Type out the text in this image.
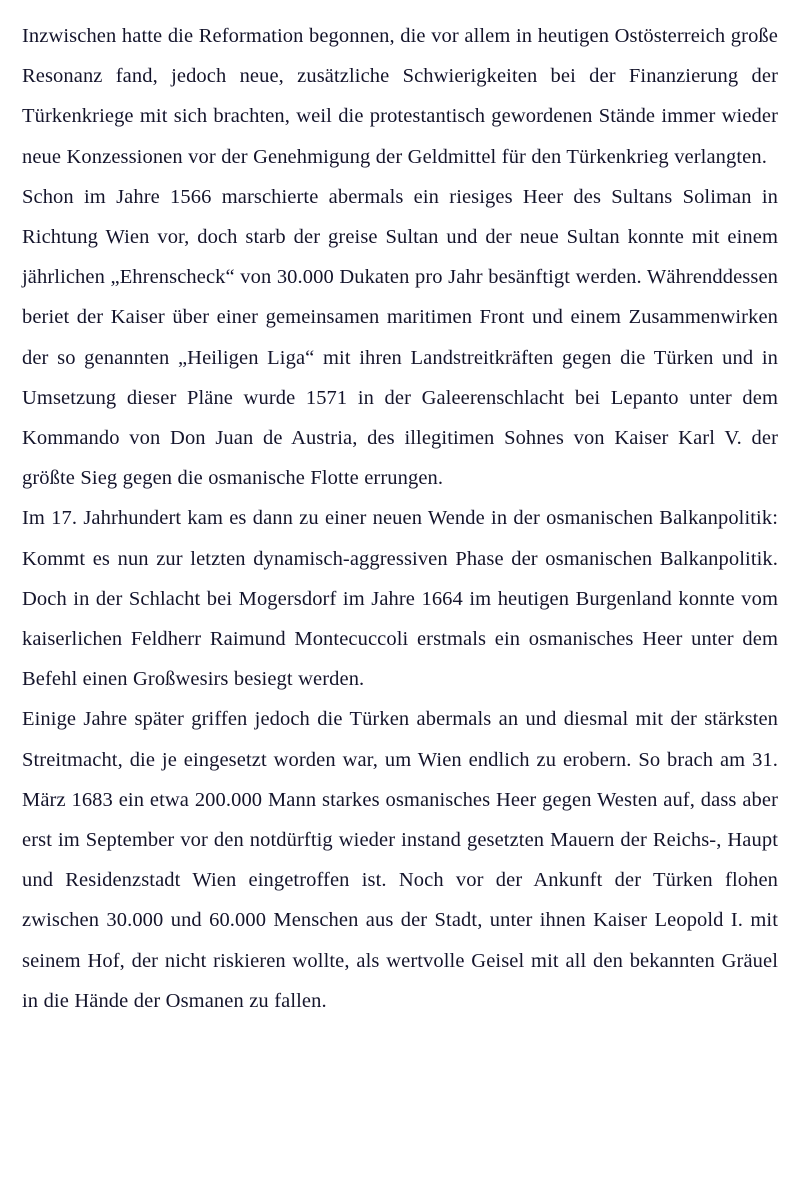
Inzwischen hatte die Reformation begonnen, die vor allem in heutigen Ostösterreich große Resonanz fand, jedoch neue, zusätzliche Schwierigkeiten bei der Finanzierung der Türkenkriege mit sich brachten, weil die protestantisch gewordenen Stände immer wieder neue Konzessionen vor der Genehmigung der Geldmittel für den Türkenkrieg verlangten.

Schon im Jahre 1566 marschierte abermals ein riesiges Heer des Sultans Soliman in Richtung Wien vor, doch starb der greise Sultan und der neue Sultan konnte mit einem jährlichen „Ehrenscheck“ von 30.000 Dukaten pro Jahr besänftigt werden. Währenddessen beriet der Kaiser über einer gemeinsamen maritimen Front und einem Zusammenwirken der so genannten „Heiligen Liga“ mit ihren Landstreitkräften gegen die Türken und in Umsetzung dieser Pläne wurde 1571 in der Galeerenschlacht bei Lepanto unter dem Kommando von Don Juan de Austria, des illegitimen Sohnes von Kaiser Karl V. der größte Sieg gegen die osmanische Flotte errungen.

Im 17. Jahrhundert kam es dann zu einer neuen Wende in der osmanischen Balkanpolitik: Kommt es nun zur letzten dynamisch-aggressiven Phase der osmanischen Balkanpolitik. Doch in der Schlacht bei Mogersdorf im Jahre 1664 im heutigen Burgenland konnte vom kaiserlichen Feldherr Raimund Montecuccoli erstmals ein osmanisches Heer unter dem Befehl einen Großwesirs besiegt werden.

Einige Jahre später griffen jedoch die Türken abermals an und diesmal mit der stärksten Streitmacht, die je eingesetzt worden war, um Wien endlich zu erobern. So brach am 31. März 1683 ein etwa 200.000 Mann starkes osmanisches Heer gegen Westen auf, dass aber erst im September vor den notdürftig wieder instand gesetzten Mauern der Reichs-, Haupt und Residenzstadt Wien eingetroffen ist. Noch vor der Ankunft der Türken flohen zwischen 30.000 und 60.000 Menschen aus der Stadt, unter ihnen Kaiser Leopold I. mit seinem Hof, der nicht riskieren wollte, als wertvolle Geisel mit all den bekannten Gräuel in die Hände der Osmanen zu fallen.
